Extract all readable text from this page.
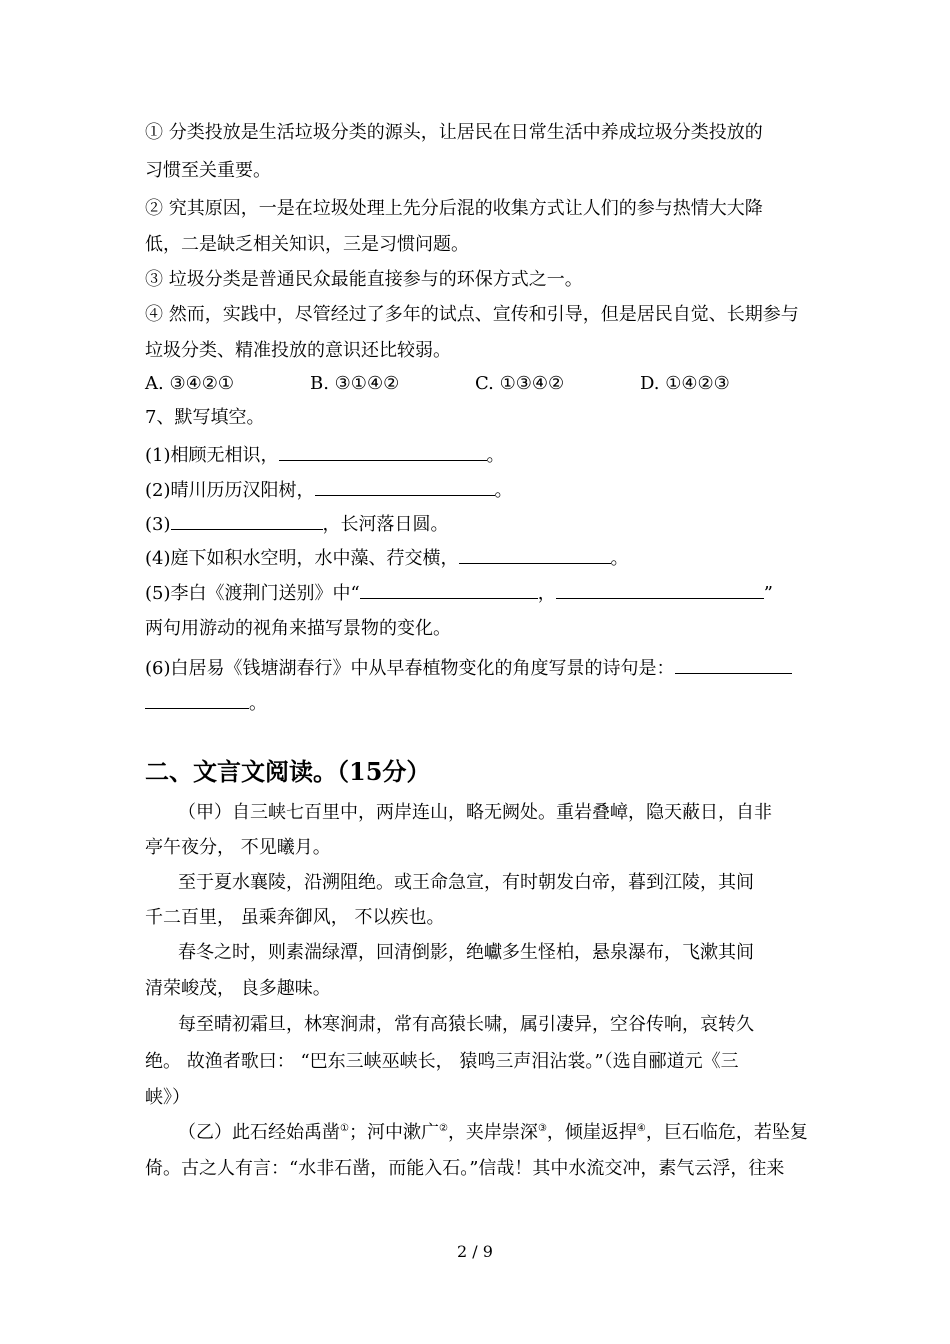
① 分类投放是生活垃圾分类的源头，让居民在日常生活中养成垃圾分类投放的
习惯至关重要。
② 究其原因，一是在垃圾处理上先分后混的收集方式让人们的参与热情大大降
低，二是缺乏相关知识，三是习惯问题。
③ 垃圾分类是普通民众最能直接参与的环保方式之一。
④ 然而，实践中，尽管经过了多年的试点、宣传和引导，但是居民自觉、长期参与
垃圾分类、精准投放的意识还比较弱。
A. ③④②①	B. ③①④②	C. ①③④②	D. ①④②③
7、默写填空。
(1)相顾无相识，	。
(2)晴川历历汉阳树，	。
(3)	，长河落日圆。
(4)庭下如积水空明，水中藻、荇交横，	。
(5)李白《渡荆门送别》中“	，	”
两句用游动的视角来描写景物的变化。
(6)白居易《钱塘湖春行》中从早春植物变化的角度写景的诗句是：
。
二、文言文阅读。（15分）
（甲）自三峡七百里中，两岸连山，略无阙处。重岩叠嶂，隐天蔽日，自非
亭午夜分， 不见曦月。
至于夏水襄陵，沿溯阻绝。或王命急宣，有时朝发白帝，暮到江陵，其间
千二百里， 虽乘奔御风， 不以疾也。
春冬之时，则素湍绿潭，回清倒影，绝巘多生怪柏，悬泉瀑布，飞漱其间
清荣峻茂， 良多趣味。
每至晴初霜旦，林寒涧肃，常有高猿长啸，属引凄异，空谷传响，哀转久
绝。 故渔者歌曰： “巴东三峡巫峡长， 猿鸣三声泪沾裳。”（选自郦道元《三
峡》）
（乙）此石经始禹凿①；河中漱广②，夹岸崇深③，倾崖返捍④，巨石临危，若坠复
倚。古之人有言：“水非石凿，而能入石。”信哉！其中水流交冲，素气云浮，往来
2 / 9
